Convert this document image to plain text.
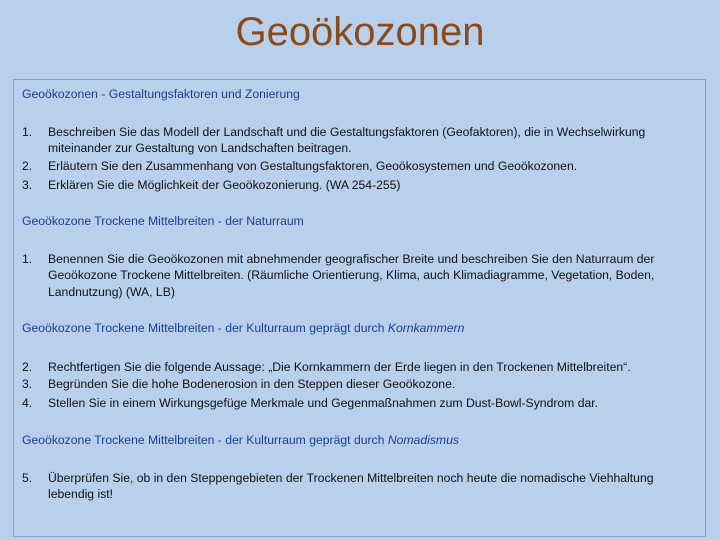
Geoökozonen
Geoökozonen - Gestaltungsfaktoren und Zonierung
1. Beschreiben Sie das Modell der Landschaft und die Gestaltungsfaktoren (Geofaktoren), die in Wechselwirkung
miteinander zur Gestaltung von Landschaften beitragen.
2. Erläutern Sie den Zusammenhang von Gestaltungsfaktoren, Geoökosystemen und Geoökozonen.
3. Erklären Sie die Möglichkeit der Geoökozonierung. (WA 254-255)
Geoökozone Trockene Mittelbreiten - der Naturraum
1. Benennen Sie die Geoökozonen mit abnehmender geografischer Breite und beschreiben Sie den Naturraum der
Geoökozone Trockene Mittelbreiten. (Räumliche Orientierung, Klima, auch Klimadiagramme, Vegetation, Boden,
Landnutzung) (WA, LB)
Geoökozone Trockene Mittelbreiten - der Kulturraum geprägt durch Kornkammern
2. Rechtfertigen Sie die folgende Aussage: „Die Kornkammern der Erde liegen in den Trockenen Mittelbreiten“.
3. Begründen Sie die hohe Bodenerosion in den Steppen dieser Geoökozone.
4. Stellen Sie in einem Wirkungsgefüge Merkmale und Gegenmaßnahmen zum Dust-Bowl-Syndrom dar.
Geoökozone Trockene Mittelbreiten - der Kulturraum geprägt durch Nomadismus
5. Überprüfen Sie, ob in den Steppengebieten der Trockenen Mittelbreiten noch heute die nomadische Viehhaltung
lebendig ist!
